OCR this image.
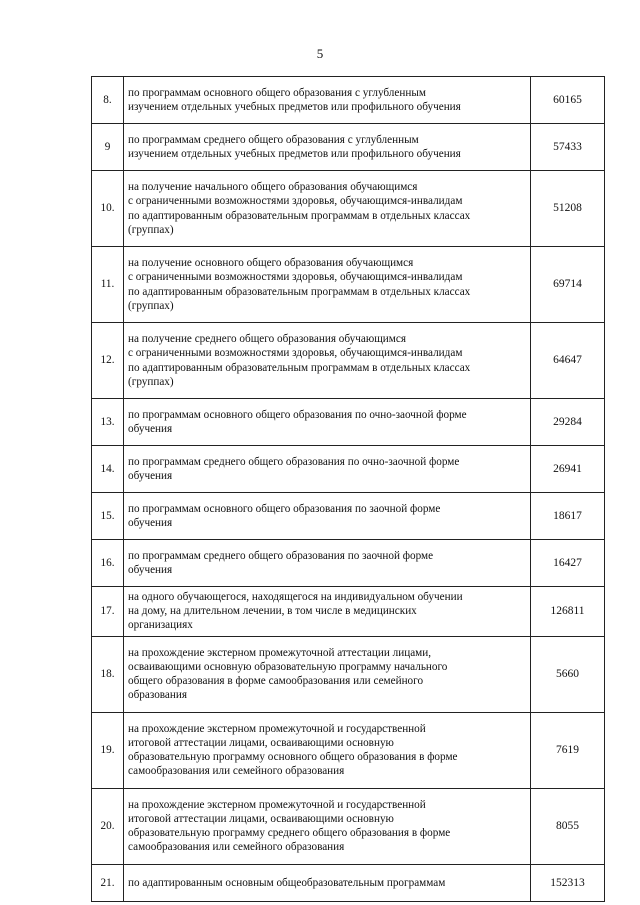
5
8.	по программам основного общего образования с углубленным
изучением отдельных учебных предметов или профильного обучения	60165
9	по программам среднего общего образования с углубленным
изучением отдельных учебных предметов или профильного обучения	57433
10.	на получение начального общего образования обучающимся
с ограниченными возможностями здоровья, обучающимся-инвалидам
по адаптированным образовательным программам в отдельных классах
(группах)	51208
11.	на получение основного общего образования обучающимся
с ограниченными возможностями здоровья, обучающимся-инвалидам
по адаптированным образовательным программам в отдельных классах
(группах)	69714
12.	на получение среднего общего образования обучающимся
с ограниченными возможностями здоровья, обучающимся-инвалидам
по адаптированным образовательным программам в отдельных классах
(группах)	64647
13.	по программам основного общего образования по очно-заочной форме
обучения	29284
14.	по программам среднего общего образования по очно-заочной форме
обучения	26941
15.	по программам основного общего образования по заочной форме
обучения	18617
16.	по программам среднего общего образования по заочной форме
обучения	16427
17.	на одного обучающегося, находящегося на индивидуальном обучении
на дому, на длительном лечении, в том числе в медицинских
организациях	126811
18.	на прохождение экстерном промежуточной аттестации лицами,
осваивающими основную образовательную программу начального
общего образования в форме самообразования или семейного
образования	5660
19.	на прохождение экстерном промежуточной и государственной
итоговой аттестации лицами, осваивающими основную
образовательную программу основного общего образования в форме
самообразования или семейного образования	7619
20.	на прохождение экстерном промежуточной и государственной
итоговой аттестации лицами, осваивающими основную
образовательную программу среднего общего образования в форме
самообразования или семейного образования	8055
21.	по адаптированным основным общеобразовательным программам	152313
